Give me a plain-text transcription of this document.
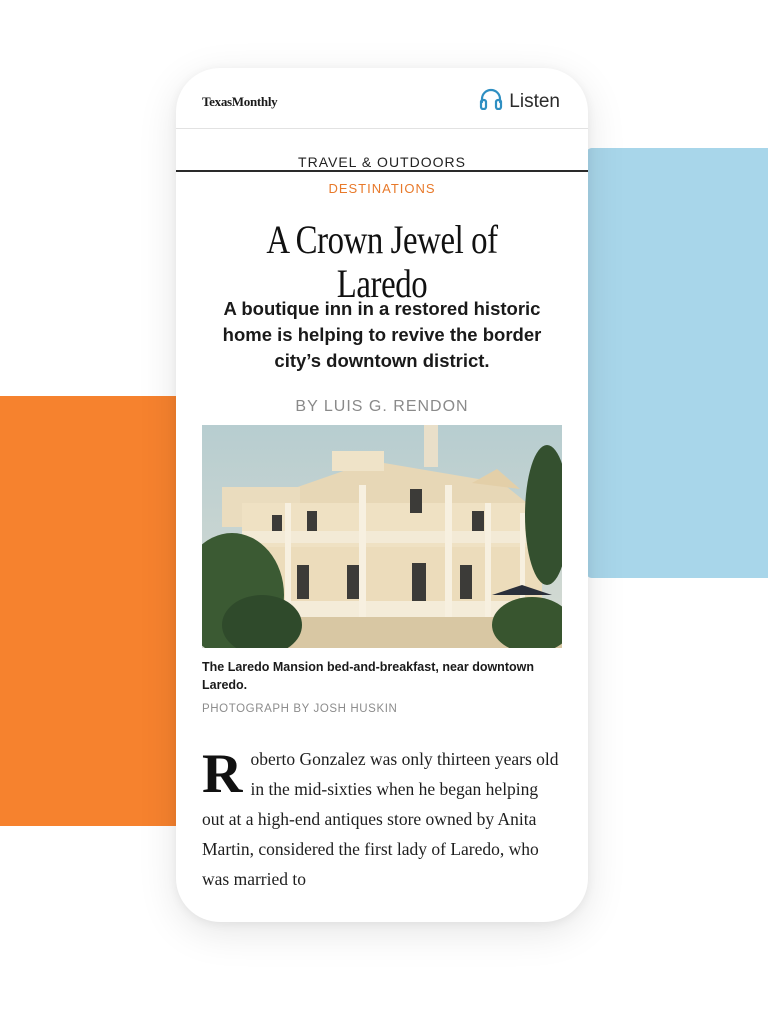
TexasMonthly	Listen
TRAVEL & OUTDOORS
DESTINATIONS
A Crown Jewel of Laredo
A boutique inn in a restored historic home is helping to revive the border city’s downtown district.
BY LUIS G. RENDON
The Laredo Mansion bed-and-breakfast, near downtown Laredo.
PHOTOGRAPH BY JOSH HUSKIN
R oberto Gonzalez was only thirteen years old in the mid-sixties when he began helping out at a high-end antiques store owned by Anita Martin, considered the first lady of Laredo, who was married to
